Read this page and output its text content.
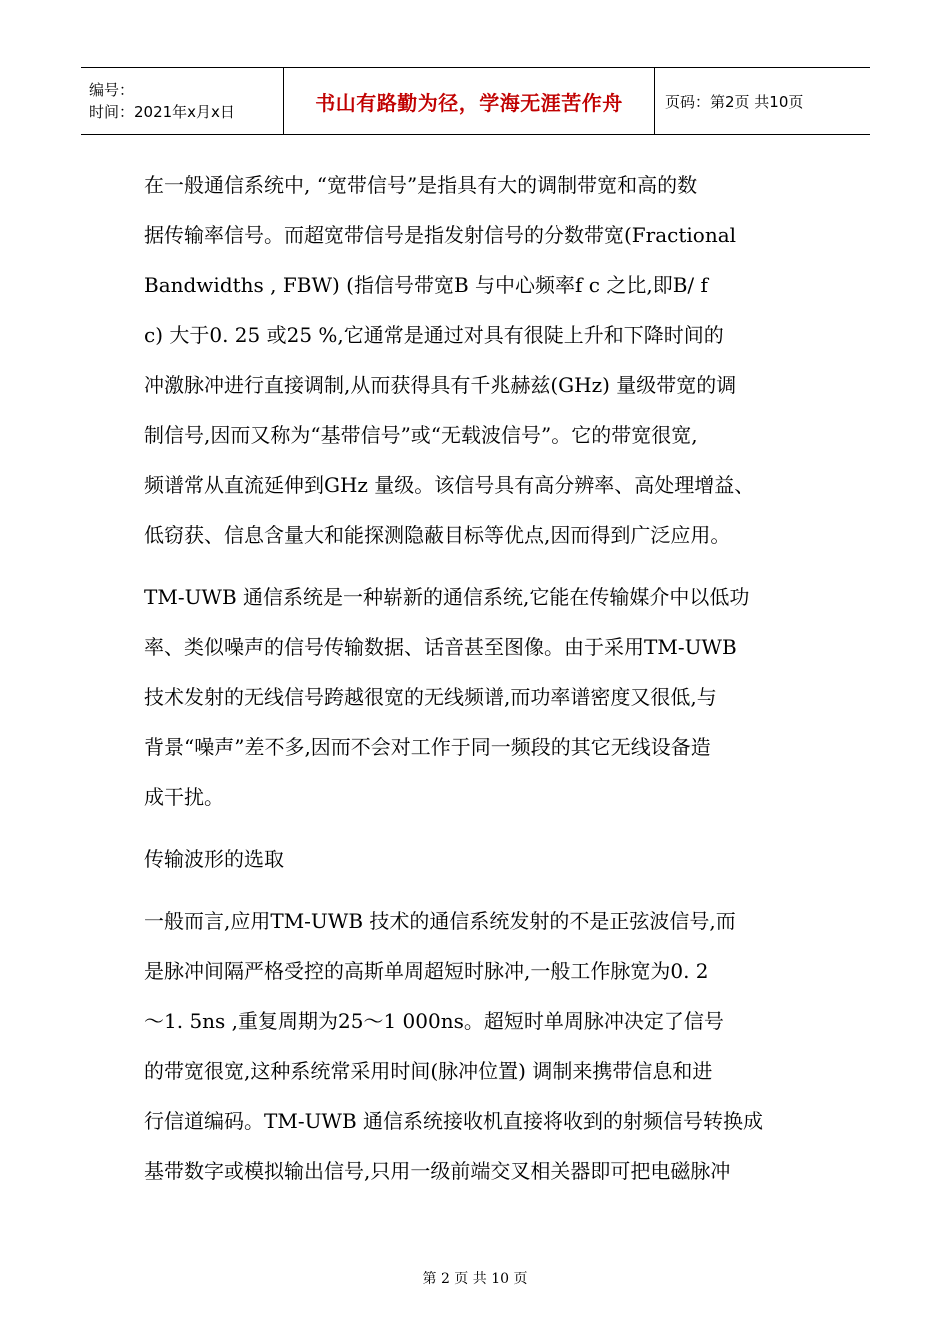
编号：
时间：2021年x月x日	书山有路勤为径，学海无涯苦作舟	页码：第2页 共10页

在一般通信系统中, “宽带信号”是指具有大的调制带宽和高的数
据传输率信号。而超宽带信号是指发射信号的分数带宽(Fractional
Bandwidths , FBW) (指信号带宽B 与中心频率f c 之比,即B/ f
c) 大于0. 25 或25 %,它通常是通过对具有很陡上升和下降时间的
冲激脉冲进行直接调制,从而获得具有千兆赫兹(GHz) 量级带宽的调
制信号,因而又称为“基带信号”或“无载波信号”。它的带宽很宽,
频谱常从直流延伸到GHz 量级。该信号具有高分辨率、高处理增益、
低窃获、信息含量大和能探测隐蔽目标等优点,因而得到广泛应用。

TM-UWB 通信系统是一种崭新的通信系统,它能在传输媒介中以低功
率、类似噪声的信号传输数据、话音甚至图像。由于采用TM-UWB
技术发射的无线信号跨越很宽的无线频谱,而功率谱密度又很低,与
背景“噪声”差不多,因而不会对工作于同一频段的其它无线设备造
成干扰。

传输波形的选取

一般而言,应用TM-UWB 技术的通信系统发射的不是正弦波信号,而
是脉冲间隔严格受控的高斯单周超短时脉冲,一般工作脉宽为0. 2
～1. 5ns ,重复周期为25～1 000ns。超短时单周脉冲决定了信号
的带宽很宽,这种系统常采用时间(脉冲位置) 调制来携带信息和进
行信道编码。TM-UWB 通信系统接收机直接将收到的射频信号转换成
基带数字或模拟输出信号,只用一级前端交叉相关器即可把电磁脉冲

第 2 页 共 10 页
